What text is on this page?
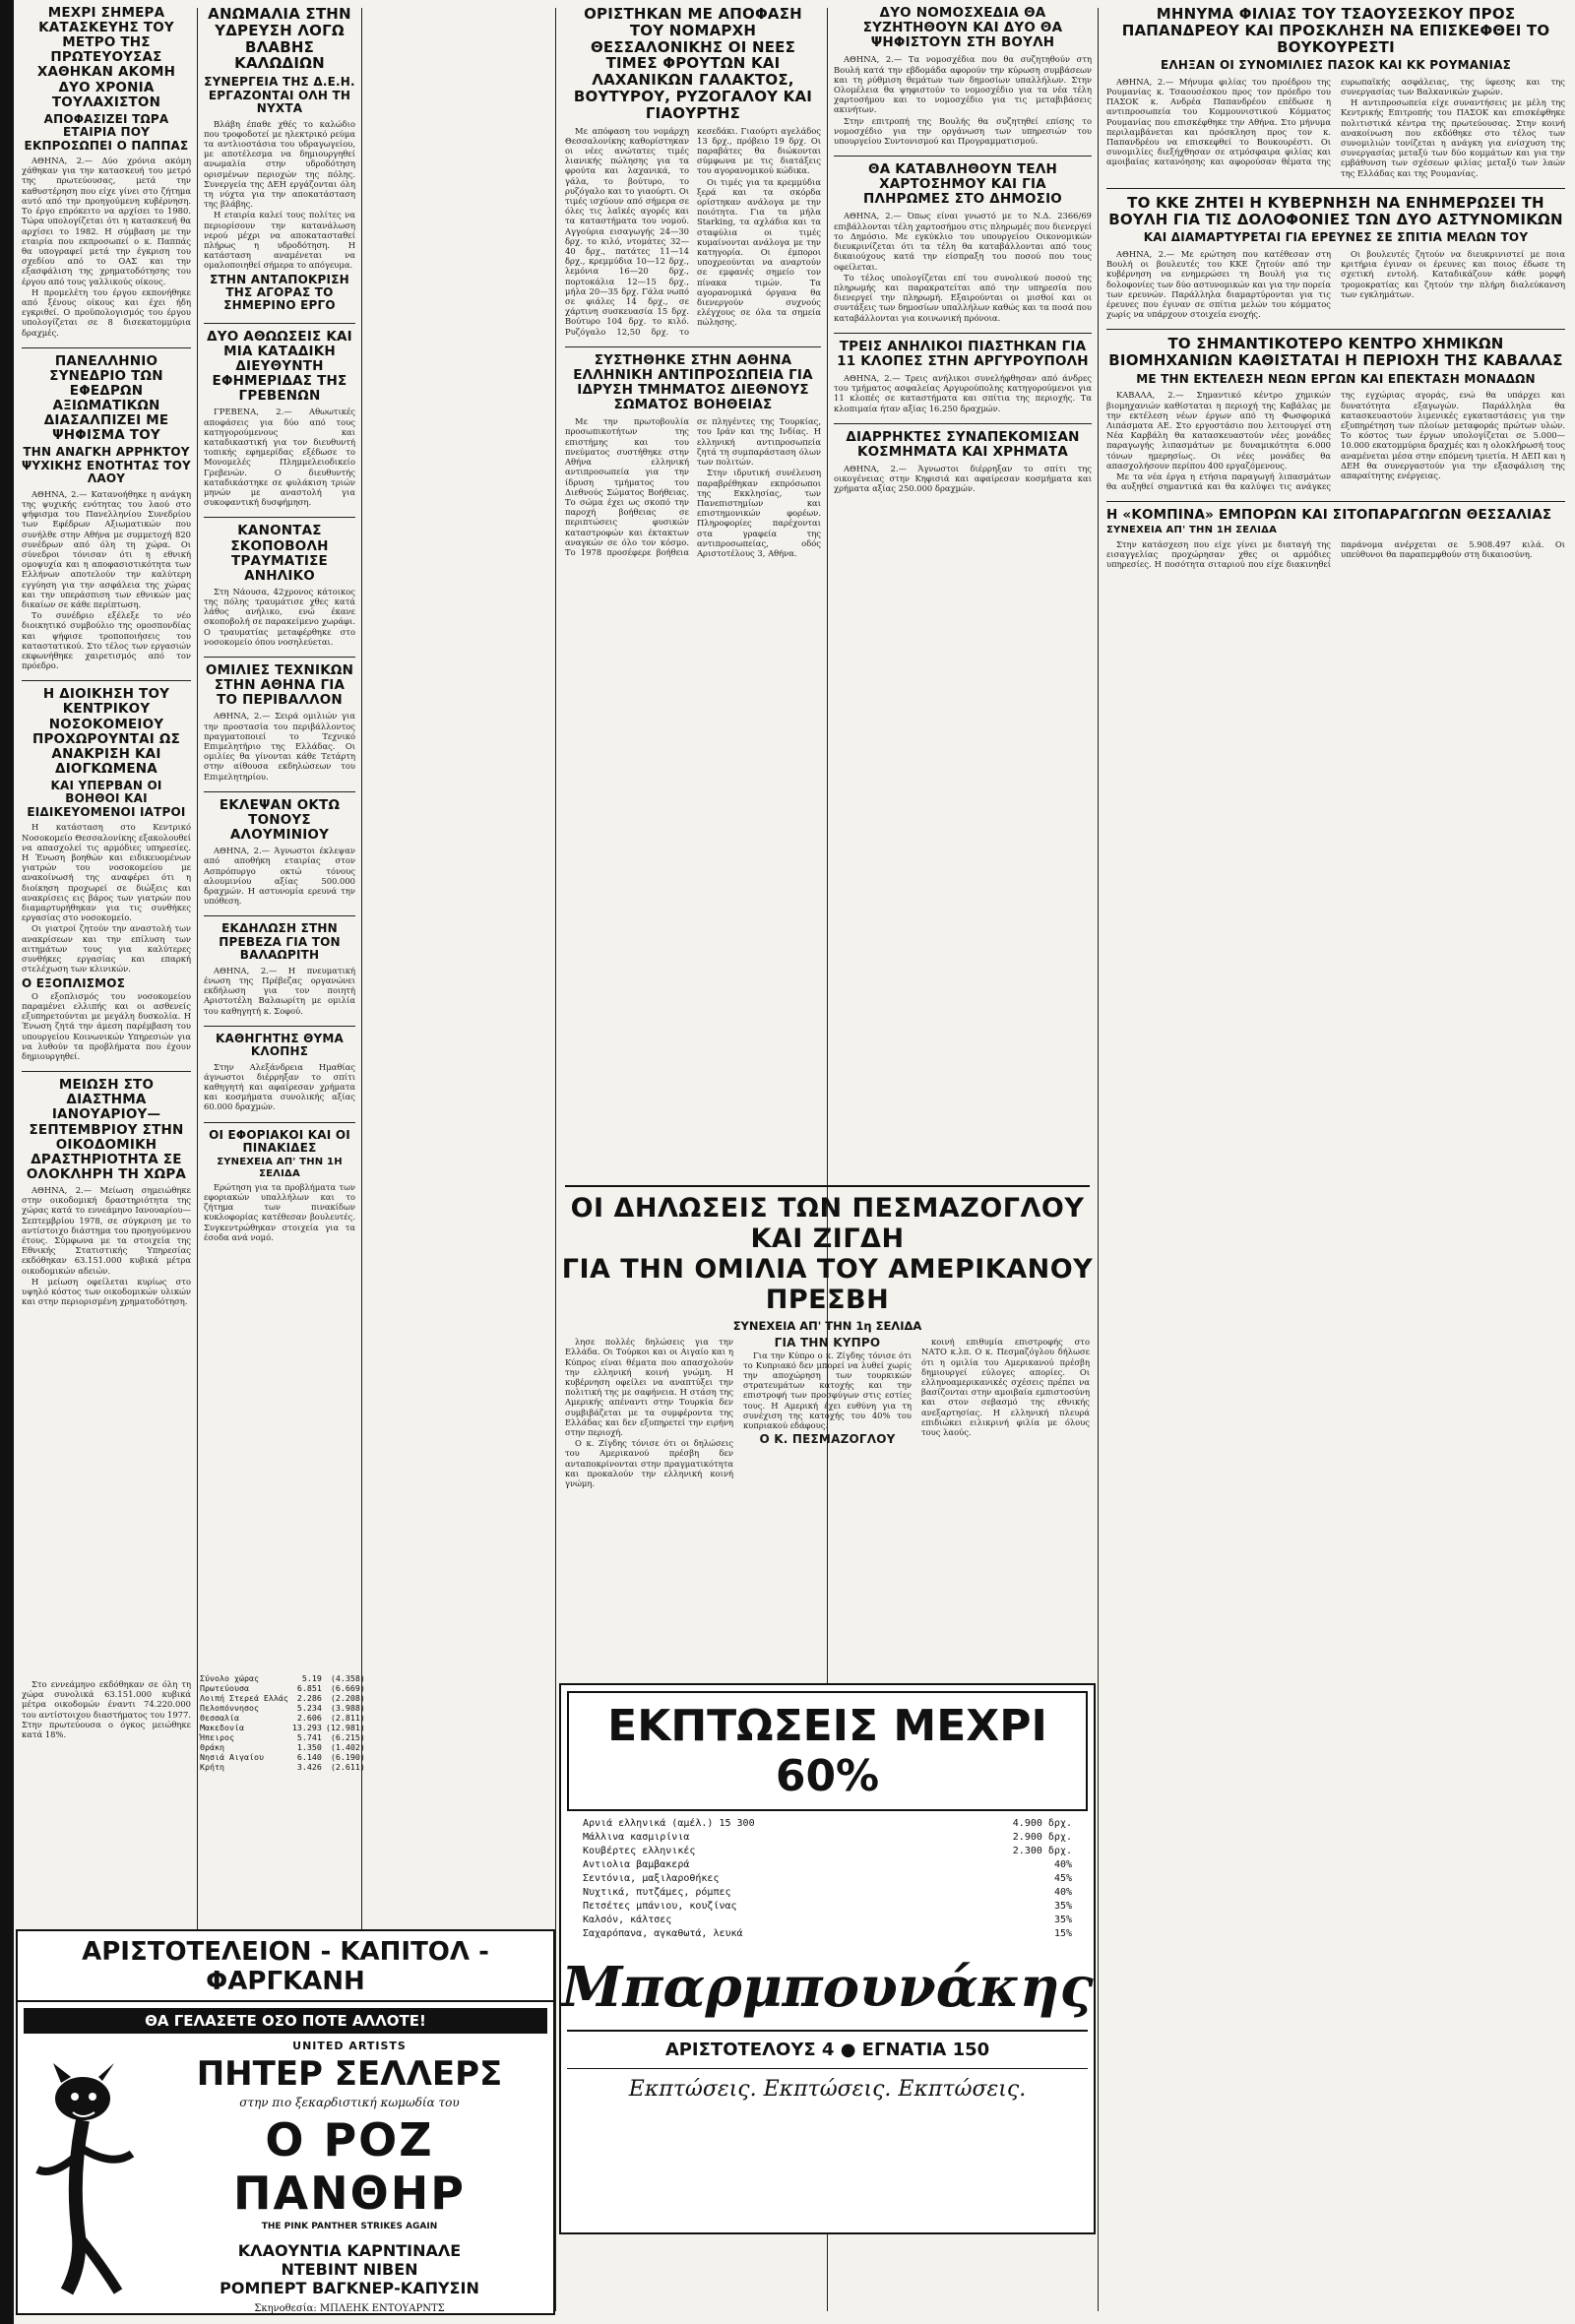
ΜΕΧΡΙ ΣΗΜΕΡΑ ΚΑΤΑΣΚΕΥΗΣ ΤΟΥ ΜΕΤΡΟ ΤΗΣ ΠΡΩΤΕΥΟΥΣΑΣ ΧΑΘΗΚΑΝ ΑΚΟΜΗ ΔΥΟ ΧΡΟΝΙΑ ΤΟΥΛΑΧΙΣΤΟΝ
ΑΠΟΦΑΣΙΖΕΙ ΤΩΡΑ ΕΤΑΙΡΙΑ ΠΟΥ ΕΚΠΡΟΣΩΠΕΙ Ο ΠΑΠΠΑΣ

ΑΘΗΝΑ, 2.— Δύο χρόνια ακόμη χάθηκαν για την κατασκευή του μετρό της πρωτεύουσας, μετά την καθυστέρηση που είχε γίνει στο ζήτημα αυτό από την προηγούμενη κυβέρνηση. Το έργο επρόκειτο να αρχίσει το 1980. Τώρα υπολογίζεται ότι η κατασκευή θα αρχίσει το 1982. Η σύμβαση με την εταιρία που εκπροσωπεί ο κ. Παππάς θα υπογραφεί μετά την έγκριση του σχεδίου από το ΟΑΣ και την εξασφάλιση της χρηματοδότησης του έργου από τους γαλλικούς οίκους.

Η προμελέτη του έργου εκπονήθηκε από ξένους οίκους και έχει ήδη εγκριθεί. Ο προϋπολογισμός του έργου υπολογίζεται σε 8 δισεκατομμύρια δραχμές.

ΠΑΝΕΛΛΗΝΙΟ ΣΥΝΕΔΡΙΟ ΤΩΝ ΕΦΕΔΡΩΝ ΑΞΙΩΜΑΤΙΚΩΝ ΔΙΑΣΑΛΠΙΖΕΙ ΜΕ ΨΗΦΙΣΜΑ ΤΟΥ
ΤΗΝ ΑΝΑΓΚΗ ΑΡΡΗΚΤΟΥ ΨΥΧΙΚΗΣ ΕΝΟΤΗΤΑΣ ΤΟΥ ΛΑΟΥ

ΑΘΗΝΑ, 2.— Κατανοήθηκε η ανάγκη της ψυχικής ενότητας του λαού στο ψήφισμα του Πανελληνίου Συνεδρίου των Εφέδρων Αξιωματικών που συνήλθε στην Αθήνα με συμμετοχή 820 συνέδρων από όλη τη χώρα. Οι σύνεδροι τόνισαν ότι η εθνική ομοψυχία και η αποφασιστικότητα των Ελλήνων αποτελούν την καλύτερη εγγύηση για την ασφάλεια της χώρας και την υπεράσπιση των εθνικών μας δικαίων σε κάθε περίπτωση.

Το συνέδριο εξέλεξε το νέο διοικητικό συμβούλιο της ομοσπονδίας και ψήφισε τροποποιήσεις του καταστατικού. Στο τέλος των εργασιών εκφωνήθηκε χαιρετισμός από τον πρόεδρο.

Η ΔΙΟΙΚΗΣΗ ΤΟΥ ΚΕΝΤΡΙΚΟΥ ΝΟΣΟΚΟΜΕΙΟΥ ΠΡΟΧΩΡΟΥΝΤΑΙ ΩΣ ΑΝΑΚΡΙΣΗ ΚΑΙ ΔΙΟΓΚΩΜΕΝΑ
ΚΑΙ ΥΠΕΡΒΑΝ ΟΙ ΒΟΗΘΟΙ ΚΑΙ ΕΙΔΙΚΕΥΟΜΕΝΟΙ ΙΑΤΡΟΙ

Η κατάσταση στο Κεντρικό Νοσοκομείο Θεσσαλονίκης εξακολουθεί να απασχολεί τις αρμόδιες υπηρεσίες. Η Ένωση βοηθών και ειδικευομένων γιατρών του νοσοκομείου με ανακοίνωσή της αναφέρει ότι η διοίκηση προχωρεί σε διώξεις και ανακρίσεις εις βάρος των γιατρών που διαμαρτυρήθηκαν για τις συνθήκες εργασίας στο νοσοκομείο.

Οι γιατροί ζητούν την αναστολή των ανακρίσεων και την επίλυση των αιτημάτων τους για καλύτερες συνθήκες εργασίας και επαρκή στελέχωση των κλινικών.

Ο ΕΞΟΠΛΙΣΜΟΣ

Ο εξοπλισμός του νοσοκομείου παραμένει ελλιπής και οι ασθενείς εξυπηρετούνται με μεγάλη δυσκολία. Η Ένωση ζητά την άμεση παρέμβαση του υπουργείου Κοινωνικών Υπηρεσιών για να λυθούν τα προβλήματα που έχουν δημιουργηθεί.

ΜΕΙΩΣΗ ΣΤΟ ΔΙΑΣΤΗΜΑ ΙΑΝΟΥΑΡΙΟΥ—ΣΕΠΤΕΜΒΡΙΟΥ ΣΤΗΝ ΟΙΚΟΔΟΜΙΚΗ ΔΡΑΣΤΗΡΙΟΤΗΤΑ ΣΕ ΟΛΟΚΛΗΡΗ ΤΗ ΧΩΡΑ

ΑΘΗΝΑ, 2.— Μείωση σημειώθηκε στην οικοδομική δραστηριότητα της χώρας κατά το εννεάμηνο Ιανουαρίου—Σεπτεμβρίου 1978, σε σύγκριση με το αντίστοιχο διάστημα του προηγούμενου έτους. Σύμφωνα με τα στοιχεία της Εθνικής Στατιστικής Υπηρεσίας εκδόθηκαν 63.151.000 κυβικά μέτρα οικοδομικών αδειών.

Η μείωση οφείλεται κυρίως στο υψηλό κόστος των οικοδομικών υλικών και στην περιορισμένη χρηματοδότηση.

ΑΝΩΜΑΛΙΑ ΣΤΗΝ ΥΔΡΕΥΣΗ ΛΟΓΩ ΒΛΑΒΗΣ ΚΑΛΩΔΙΩΝ
ΣΥΝΕΡΓΕΙΑ ΤΗΣ Δ.Ε.Η. ΕΡΓΑΖΟΝΤΑΙ ΟΛΗ ΤΗ ΝΥΧΤΑ

Βλάβη έπαθε χθές το καλώδιο που τροφοδοτεί με ηλεκτρικό ρεύμα τα αντλιοστάσια του υδραγωγείου, με αποτέλεσμα να δημιουργηθεί ανωμαλία στην υδροδότηση ορισμένων περιοχών της πόλης. Συνεργεία της ΔΕΗ εργάζονται όλη τη νύχτα για την αποκατάσταση της βλάβης.

Η εταιρία καλεί τους πολίτες να περιορίσουν την κατανάλωση νερού μέχρι να αποκατασταθεί πλήρως η υδροδότηση. Η κατάσταση αναμένεται να ομαλοποιηθεί σήμερα το απόγευμα.

ΣΤΗΝ ΑΝΤΑΠΟΚΡΙΣΗ ΤΗΣ ΑΓΟΡΑΣ ΤΟ ΣΗΜΕΡΙΝΟ ΕΡΓΟ
ΔΥΟ ΑΘΩΩΣΕΙΣ ΚΑΙ ΜΙΑ ΚΑΤΑΔΙΚΗ ΔΙΕΥΘΥΝΤΗ ΕΦΗΜΕΡΙΔΑΣ ΤΗΣ ΓΡΕΒΕΝΩΝ

ΓΡΕΒΕΝΑ, 2.— Αθωωτικές αποφάσεις για δύο από τους κατηγορούμενους και καταδικαστική για τον διευθυντή τοπικής εφημερίδας εξέδωσε το Μονομελές Πλημμελειοδικείο Γρεβενών. Ο διευθυντής καταδικάστηκε σε φυλάκιση τριών μηνών με αναστολή για συκοφαντική δυσφήμηση.

ΚΑΝΟΝΤΑΣ ΣΚΟΠΟΒΟΛΗ ΤΡΑΥΜΑΤΙΣΕ ΑΝΗΛΙΚΟ

Στη Νάουσα, 42χρονος κάτοικος της πόλης τραυμάτισε χθες κατά λάθος ανήλικο, ενώ έκανε σκοποβολή σε παρακείμενο χωράφι. Ο τραυματίας μεταφέρθηκε στο νοσοκομείο όπου νοσηλεύεται.

ΟΜΙΛΙΕΣ ΤΕΧΝΙΚΩΝ ΣΤΗΝ ΑΘΗΝΑ ΓΙΑ ΤΟ ΠΕΡΙΒΑΛΛΟΝ

ΑΘΗΝΑ, 2.— Σειρά ομιλιών για την προστασία του περιβάλλοντος πραγματοποιεί το Τεχνικό Επιμελητήριο της Ελλάδας. Οι ομιλίες θα γίνονται κάθε Τετάρτη στην αίθουσα εκδηλώσεων του Επιμελητηρίου.

ΕΚΛΕΨΑΝ ΟΚΤΩ ΤΟΝΟΥΣ ΑΛΟΥΜΙΝΙΟΥ

ΑΘΗΝΑ, 2.— Άγνωστοι έκλεψαν από αποθήκη εταιρίας στον Ασπρόπυργο οκτώ τόνους αλουμινίου αξίας 500.000 δραχμών. Η αστυνομία ερευνά την υπόθεση.

ΕΚΔΗΛΩΣΗ ΣΤΗΝ ΠΡΕΒΕΖΑ ΓΙΑ ΤΟΝ ΒΑΛΑΩΡΙΤΗ

ΑΘΗΝΑ, 2.— Η πνευματική ένωση της Πρέβεζας οργανώνει εκδήλωση για τον ποιητή Αριστοτέλη Βαλαωρίτη με ομιλία του καθηγητή κ. Σοφού.

ΚΑΘΗΓΗΤΗΣ ΘΥΜΑ ΚΛΟΠΗΣ

Στην Αλεξάνδρεια Ημαθίας άγνωστοι διέρρηξαν το σπίτι καθηγητή και αφαίρεσαν χρήματα και κοσμήματα συνολικής αξίας 60.000 δραχμών.

ΟΙ ΕΦΟΡΙΑΚΟΙ ΚΑΙ ΟΙ ΠΙΝΑΚΙΔΕΣ
ΣΥΝΕΧΕΙΑ ΑΠ' ΤΗΝ 1Η ΣΕΛΙΔΑ

Ερώτηση για τα προβλήματα των εφοριακών υπαλλήλων και το ζήτημα των πινακίδων κυκλοφορίας κατέθεσαν βουλευτές. Συγκεντρώθηκαν στοιχεία για τα έσοδα ανά νομό.

Σύνολο χώρας	5.19	(4.358)
Πρωτεύουσα	6.851	(6.669)
Λοιπή Στερεά Ελλάς	2.286	(2.208)
Πελοπόννησος	5.234	(3.988)
Θεσσαλία	2.606	(2.811)
Μακεδονία	13.293	(12.981)
Ήπειρος	5.741	(6.215)
Θράκη	1.350	(1.402)
Νησιά Αιγαίου	6.140	(6.190)
Κρήτη	3.426	(2.611)
ΟΡΙΣΤΗΚΑΝ ΜΕ ΑΠΟΦΑΣΗ ΤΟΥ ΝΟΜΑΡΧΗ ΘΕΣΣΑΛΟΝΙΚΗΣ ΟΙ ΝΕΕΣ ΤΙΜΕΣ ΦΡΟΥΤΩΝ ΚΑΙ ΛΑΧΑΝΙΚΩΝ ΓΑΛΑΚΤΟΣ, ΒΟΥΤΥΡΟΥ, ΡΥΖΟΓΑΛΟΥ ΚΑΙ ΓΙΑΟΥΡΤΗΣ

Με απόφαση του νομάρχη Θεσσαλονίκης καθορίστηκαν οι νέες ανώτατες τιμές λιανικής πώλησης για τα φρούτα και λαχανικά, το γάλα, το βούτυρο, το ρυζόγαλο και το γιαούρτι. Οι τιμές ισχύουν από σήμερα σε όλες τις λαϊκές αγορές και τα καταστήματα του νομού. Αγγούρια εισαγωγής 24—30 δρχ. το κιλό, ντομάτες 32—40 δρχ., πατάτες 11—14 δρχ., κρεμμύδια 10—12 δρχ., λεμόνια 16—20 δρχ., πορτοκάλια 12—15 δρχ., μήλα 20—35 δρχ. Γάλα νωπό σε φιάλες 14 δρχ., σε χάρτινη συσκευασία 15 δρχ. Βούτυρο 104 δρχ. το κιλό. Ρυζόγαλο 12,50 δρχ. το κεσεδάκι. Γιαούρτι αγελάδος 13 δρχ., πρόβειο 19 δρχ. Οι παραβάτες θα διώκονται σύμφωνα με τις διατάξεις του αγορανομικού κώδικα.

Οι τιμές για τα κρεμμύδια ξερά και τα σκόρδα ορίστηκαν ανάλογα με την ποιότητα. Για τα μήλα Starking, τα αχλάδια και τα σταφύλια οι τιμές κυμαίνονται ανάλογα με την κατηγορία. Οι έμποροι υποχρεούνται να αναρτούν σε εμφανές σημείο τον πίνακα τιμών. Τα αγορανομικά όργανα θα διενεργούν συχνούς ελέγχους σε όλα τα σημεία πώλησης.

ΣΥΣΤΗΘΗΚΕ ΣΤΗΝ ΑΘΗΝΑ ΕΛΛΗΝΙΚΗ ΑΝΤΙΠΡΟΣΩΠΕΙΑ ΓΙΑ ΙΔΡΥΣΗ ΤΜΗΜΑΤΟΣ ΔΙΕΘΝΟΥΣ ΣΩΜΑΤΟΣ ΒΟΗΘΕΙΑΣ

Με την πρωτοβουλία προσωπικοτήτων της επιστήμης και του πνεύματος συστήθηκε στην Αθήνα ελληνική αντιπροσωπεία για την ίδρυση τμήματος του Διεθνούς Σώματος Βοήθειας. Το σώμα έχει ως σκοπό την παροχή βοήθειας σε περιπτώσεις φυσικών καταστροφών και έκτακτων αναγκών σε όλο τον κόσμο. Το 1978 προσέφερε βοήθεια σε πληγέντες της Τουρκίας, του Ιράν και της Ινδίας. Η ελληνική αντιπροσωπεία ζητά τη συμπαράσταση όλων των πολιτών.

Στην ιδρυτική συνέλευση παραβρέθηκαν εκπρόσωποι της Εκκλησίας, των Πανεπιστημίων και επιστημονικών φορέων. Πληροφορίες παρέχονται στα γραφεία της αντιπροσωπείας, οδός Αριστοτέλους 3, Αθήνα.

ΔΥΟ ΝΟΜΟΣΧΕΔΙΑ ΘΑ ΣΥΖΗΤΗΘΟΥΝ ΚΑΙ ΔΥΟ ΘΑ ΨΗΦΙΣΤΟΥΝ ΣΤΗ ΒΟΥΛΗ

ΑΘΗΝΑ, 2.— Τα νομοσχέδια που θα συζητηθούν στη Βουλή κατά την εβδομάδα αφορούν την κύρωση συμβάσεων και τη ρύθμιση θεμάτων των δημοσίων υπαλλήλων. Στην Ολομέλεια θα ψηφιστούν το νομοσχέδιο για τα νέα τέλη χαρτοσήμου και το νομοσχέδιο για τις μεταβιβάσεις ακινήτων.

Στην επιτροπή της Βουλής θα συζητηθεί επίσης το νομοσχέδιο για την οργάνωση των υπηρεσιών του υπουργείου Συντονισμού και Προγραμματισμού.

ΘΑ ΚΑΤΑΒΛΗΘΟΥΝ ΤΕΛΗ ΧΑΡΤΟΣΗΜΟΥ ΚΑΙ ΓΙΑ ΠΛΗΡΩΜΕΣ ΣΤΟ ΔΗΜΟΣΙΟ

ΑΘΗΝΑ, 2.— Όπως είναι γνωστό με το Ν.Δ. 2366/69 επιβάλλονται τέλη χαρτοσήμου στις πληρωμές που διενεργεί το Δημόσιο. Με εγκύκλιο του υπουργείου Οικονομικών διευκρινίζεται ότι τα τέλη θα καταβάλλονται από τους δικαιούχους κατά την είσπραξη του ποσού που τους οφείλεται.

Το τέλος υπολογίζεται επί του συνολικού ποσού της πληρωμής και παρακρατείται από την υπηρεσία που διενεργεί την πληρωμή. Εξαιρούνται οι μισθοί και οι συντάξεις των δημοσίων υπαλλήλων καθώς και τα ποσά που καταβάλλονται για κοινωνική πρόνοια.

ΤΡΕΙΣ ΑΝΗΛΙΚΟΙ ΠΙΑΣΤΗΚΑΝ ΓΙΑ 11 ΚΛΟΠΕΣ ΣΤΗΝ ΑΡΓΥΡΟΥΠΟΛΗ

ΑΘΗΝΑ, 2.— Τρεις ανήλικοι συνελήφθησαν από άνδρες του τμήματος ασφαλείας Αργυρούπολης κατηγορούμενοι για 11 κλοπές σε καταστήματα και σπίτια της περιοχής. Τα κλοπιμαία ήταν αξίας 16.250 δραχμών.

ΔΙΑΡΡΗΚΤΕΣ ΣΥΝΑΠΕΚΟΜΙΣΑΝ ΚΟΣΜΗΜΑΤΑ ΚΑΙ ΧΡΗΜΑΤΑ

ΑΘΗΝΑ, 2.— Άγνωστοι διέρρηξαν το σπίτι της οικογένειας στην Κηφισιά και αφαίρεσαν κοσμήματα και χρήματα αξίας 250.000 δραχμών.

ΜΗΝΥΜΑ ΦΙΛΙΑΣ ΤΟΥ ΤΣΑΟΥΣΕΣΚΟΥ ΠΡΟΣ ΠΑΠΑΝΔΡΕΟΥ ΚΑΙ ΠΡΟΣΚΛΗΣΗ ΝΑ ΕΠΙΣΚΕΦΘΕΙ ΤΟ ΒΟΥΚΟΥΡΕΣΤΙ
ΕΛΗΞΑΝ ΟΙ ΣΥΝΟΜΙΛΙΕΣ ΠΑΣΟΚ ΚΑΙ ΚΚ ΡΟΥΜΑΝΙΑΣ

ΑΘΗΝΑ, 2.— Μήνυμα φιλίας του προέδρου της Ρουμανίας κ. Τσαουσέσκου προς τον πρόεδρο του ΠΑΣΟΚ κ. Ανδρέα Παπανδρέου επέδωσε η αντιπροσωπεία του Κομμουνιστικού Κόμματος Ρουμανίας που επισκέφθηκε την Αθήνα. Στο μήνυμα περιλαμβάνεται και πρόσκληση προς τον κ. Παπανδρέου να επισκεφθεί το Βουκουρέστι. Οι συνομιλίες διεξήχθησαν σε ατμόσφαιρα φιλίας και αμοιβαίας κατανόησης και αφορούσαν θέματα της ευρωπαϊκής ασφάλειας, της ύφεσης και της συνεργασίας των Βαλκανικών χωρών.

Η αντιπροσωπεία είχε συναντήσεις με μέλη της Κεντρικής Επιτροπής του ΠΑΣΟΚ και επισκέφθηκε πολιτιστικά κέντρα της πρωτεύουσας. Στην κοινή ανακοίνωση που εκδόθηκε στο τέλος των συνομιλιών τονίζεται η ανάγκη για ενίσχυση της συνεργασίας μεταξύ των δύο κομμάτων και για την εμβάθυνση των σχέσεων φιλίας μεταξύ των λαών της Ελλάδας και της Ρουμανίας.

ΤΟ ΚΚΕ ΖΗΤΕΙ Η ΚΥΒΕΡΝΗΣΗ ΝΑ ΕΝΗΜΕΡΩΣΕΙ ΤΗ ΒΟΥΛΗ ΓΙΑ ΤΙΣ ΔΟΛΟΦΟΝΙΕΣ ΤΩΝ ΔΥΟ ΑΣΤΥΝΟΜΙΚΩΝ
ΚΑΙ ΔΙΑΜΑΡΤΥΡΕΤΑΙ ΓΙΑ ΕΡΕΥΝΕΣ ΣΕ ΣΠΙΤΙΑ ΜΕΛΩΝ ΤΟΥ

ΑΘΗΝΑ, 2.— Με ερώτηση που κατέθεσαν στη Βουλή οι βουλευτές του ΚΚΕ ζητούν από την κυβέρνηση να ενημερώσει τη Βουλή για τις δολοφονίες των δύο αστυνομικών και για την πορεία των ερευνών. Παράλληλα διαμαρτύρονται για τις έρευνες που έγιναν σε σπίτια μελών του κόμματος χωρίς να υπάρχουν στοιχεία ενοχής.

Οι βουλευτές ζητούν να διευκρινιστεί με ποια κριτήρια έγιναν οι έρευνες και ποιος έδωσε τη σχετική εντολή. Καταδικάζουν κάθε μορφή τρομοκρατίας και ζητούν την πλήρη διαλεύκανση των εγκλημάτων.

ΤΟ ΣΗΜΑΝΤΙΚΟΤΕΡΟ ΚΕΝΤΡΟ ΧΗΜΙΚΩΝ ΒΙΟΜΗΧΑΝΙΩΝ ΚΑΘΙΣΤΑΤΑΙ Η ΠΕΡΙΟΧΗ ΤΗΣ ΚΑΒΑΛΑΣ
ΜΕ ΤΗΝ ΕΚΤΕΛΕΣΗ ΝΕΩΝ ΕΡΓΩΝ ΚΑΙ ΕΠΕΚΤΑΣΗ ΜΟΝΑΔΩΝ

ΚΑΒΑΛΑ, 2.— Σημαντικό κέντρο χημικών βιομηχανιών καθίσταται η περιοχή της Καβάλας με την εκτέλεση νέων έργων από τη Φωσφορικά Λιπάσματα ΑΕ. Στο εργοστάσιο που λειτουργεί στη Νέα Καρβάλη θα κατασκευαστούν νέες μονάδες παραγωγής λιπασμάτων με δυναμικότητα 6.000 τόνων ημερησίως. Οι νέες μονάδες θα απασχολήσουν περίπου 400 εργαζόμενους.

Με τα νέα έργα η ετήσια παραγωγή λιπασμάτων θα αυξηθεί σημαντικά και θα καλύψει τις ανάγκες της εγχώριας αγοράς, ενώ θα υπάρχει και δυνατότητα εξαγωγών. Παράλληλα θα κατασκευαστούν λιμενικές εγκαταστάσεις για την εξυπηρέτηση των πλοίων μεταφοράς πρώτων υλών. Το κόστος των έργων υπολογίζεται σε 5.000—10.000 εκατομμύρια δραχμές και η ολοκλήρωσή τους αναμένεται μέσα στην επόμενη τριετία. Η ΔΕΠ και η ΔΕΗ θα συνεργαστούν για την εξασφάλιση της απαραίτητης ενέργειας.

Η «ΚΟΜΠΙΝΑ» ΕΜΠΟΡΩΝ ΚΑΙ ΣΙΤΟΠΑΡΑΓΩΓΩΝ ΘΕΣΣΑΛΙΑΣ
ΣΥΝΕΧΕΙΑ ΑΠ' ΤΗΝ 1Η ΣΕΛΙΔΑ

Στην κατάσχεση που είχε γίνει με διαταγή της εισαγγελίας προχώρησαν χθες οι αρμόδιες υπηρεσίες. Η ποσότητα σιταριού που είχε διακινηθεί παράνομα ανέρχεται σε 5.908.497 κιλά. Οι υπεύθυνοι θα παραπεμφθούν στη δικαιοσύνη.

ΟΙ ΔΗΛΩΣΕΙΣ ΤΩΝ ΠΕΣΜΑΖΟΓΛΟΥ ΚΑΙ ΖΙΓΔΗ
ΓΙΑ ΤΗΝ ΟΜΙΛΙΑ ΤΟΥ ΑΜΕΡΙΚΑΝΟΥ ΠΡΕΣΒΗ
ΣΥΝΕΧΕΙΑ ΑΠ' ΤΗΝ 1η ΣΕΛΙΔΑ

λησε πολλές δηλώσεις για την Ελλάδα. Οι Τούρκοι και οι Αιγαίο και η Κύπρος είναι θέματα που απασχολούν την ελληνική κοινή γνώμη. Η κυβέρνηση οφείλει να αναπτύξει την πολιτική της με σαφήνεια. Η στάση της Αμερικής απέναντι στην Τουρκία δεν συμβιβάζεται με τα συμφέροντα της Ελλάδας και δεν εξυπηρετεί την ειρήνη στην περιοχή.

Ο κ. Ζίγδης τόνισε ότι οι δηλώσεις του Αμερικανού πρέσβη δεν ανταποκρίνονται στην πραγματικότητα και προκαλούν την ελληνική κοινή γνώμη.

ΓΙΑ ΤΗΝ ΚΥΠΡΟ

Για την Κύπρο ο κ. Ζίγδης τόνισε ότι το Κυπριακό δεν μπορεί να λυθεί χωρίς την αποχώρηση των τουρκικών στρατευμάτων κατοχής και την επιστροφή των προσφύγων στις εστίες τους. Η Αμερική έχει ευθύνη για τη συνέχιση της κατοχής του 40% του κυπριακού εδάφους.

Ο Κ. ΠΕΣΜΑΖΟΓΛΟΥ

κοινή επιθυμία επιστροφής στο ΝΑΤΟ κ.λπ. Ο κ. Πεσμαζόγλου δήλωσε ότι η ομιλία του Αμερικανού πρέσβη δημιουργεί εύλογες απορίες. Οι ελληνοαμερικανικές σχέσεις πρέπει να βασίζονται στην αμοιβαία εμπιστοσύνη και στον σεβασμό της εθνικής ανεξαρτησίας. Η ελληνική πλευρά επιδιώκει ειλικρινή φιλία με όλους τους λαούς.

Στο εννεάμηνο εκδόθηκαν σε όλη τη χώρα συνολικά 63.151.000 κυβικά μέτρα οικοδομών έναντι 74.220.000 του αντίστοιχου διαστήματος του 1977. Στην πρωτεύουσα ο όγκος μειώθηκε κατά 18%.

ΑΡΙΣΤΟΤΕΛΕΙΟΝ - ΚΑΠΙΤΟΛ - ΦΑΡΓΚΑΝΗ
ΘΑ ΓΕΛΑΣΕΤΕ ΟΣΟ ΠΟΤΕ ΑΛΛΟΤΕ!
UNITED ARTISTS
ΠΗΤΕΡ ΣΕΛΛΕΡΣ
στην πιο ξεκαρδιστική κωμωδία του
Ο ΡΟΖ ΠΑΝΘΗΡ
THE PINK PANTHER STRIKES AGAIN
ΚΛΑΟΥΝΤΙΑ ΚΑΡΝΤΙΝΑΛΕ
ΝΤΕΒΙΝΤ ΝΙΒΕΝ
ΡΟΜΠΕΡΤ ΒΑΓΚΝΕΡ-ΚΑΠΥΣΙΝ
Σκηνοθεσία: ΜΠΛΕΗΚ ΕΝΤΟΥΑΡΝΤΣ
ΕΚΠΤΩΣΕΙΣ ΜΕΧΡΙ 60%
Αρνιά ελληνικά (αμέλ.) 15 300	4.900 δρχ.
Μάλλινα κασμιρίνια	2.900 δρχ.
Κουβέρτες ελληνικές	2.300 δρχ.
Αντιολια βαμβακερά	40%
Σεντόνια, μαξιλαροθήκες	45%
Νυχτικά, πυτζάμες, ρόμπες	40%
Πετσέτες μπάνιου, κουζίνας	35%
Καλσόν, κάλτσες	35%
Σαχαρόπανα, αγκαθωτά, λευκά	15%
Μπαρμπουνάκης
ΑΡΙΣΤΟΤΕΛΟΥΣ 4 ● ΕΓΝΑΤΙΑ 150
Εκπτώσεις. Εκπτώσεις. Εκπτώσεις.
